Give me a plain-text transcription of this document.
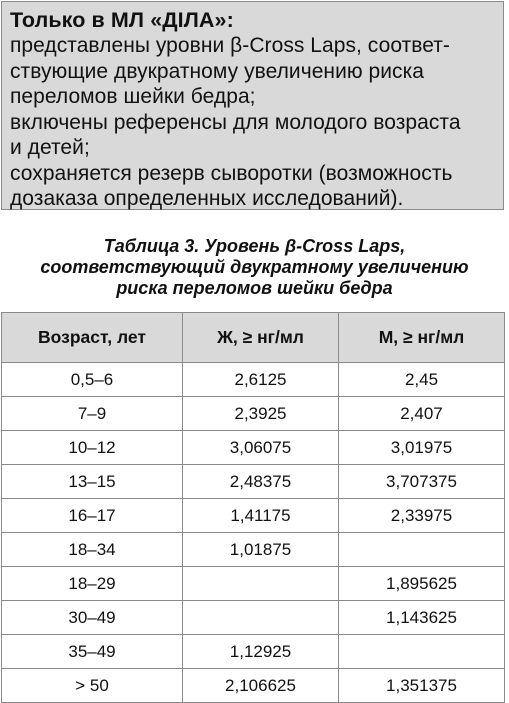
Только в МЛ «ДІЛА»:
представлены уровни β-Cross Laps, соответ-
ствующие двукратному увеличению риска
переломов шейки бедра;
включены референсы для молодого возраста
и детей;
сохраняется резерв сыворотки (возможность
дозаказа определенных исследований).
Таблица 3. Уровень β-Cross Laps,
соответствующий двукратному увеличению
риска переломов шейки бедра
Возраст, лет	Ж, ≥ нг/мл	М, ≥ нг/мл
0,5–6	2,6125	2,45
7–9	2,3925	2,407
10–12	3,06075	3,01975
13–15	2,48375	3,707375
16–17	1,41175	2,33975
18–34	1,01875	
18–29		1,895625
30–49		1,143625
35–49	1,12925	
> 50	2,106625	1,351375
